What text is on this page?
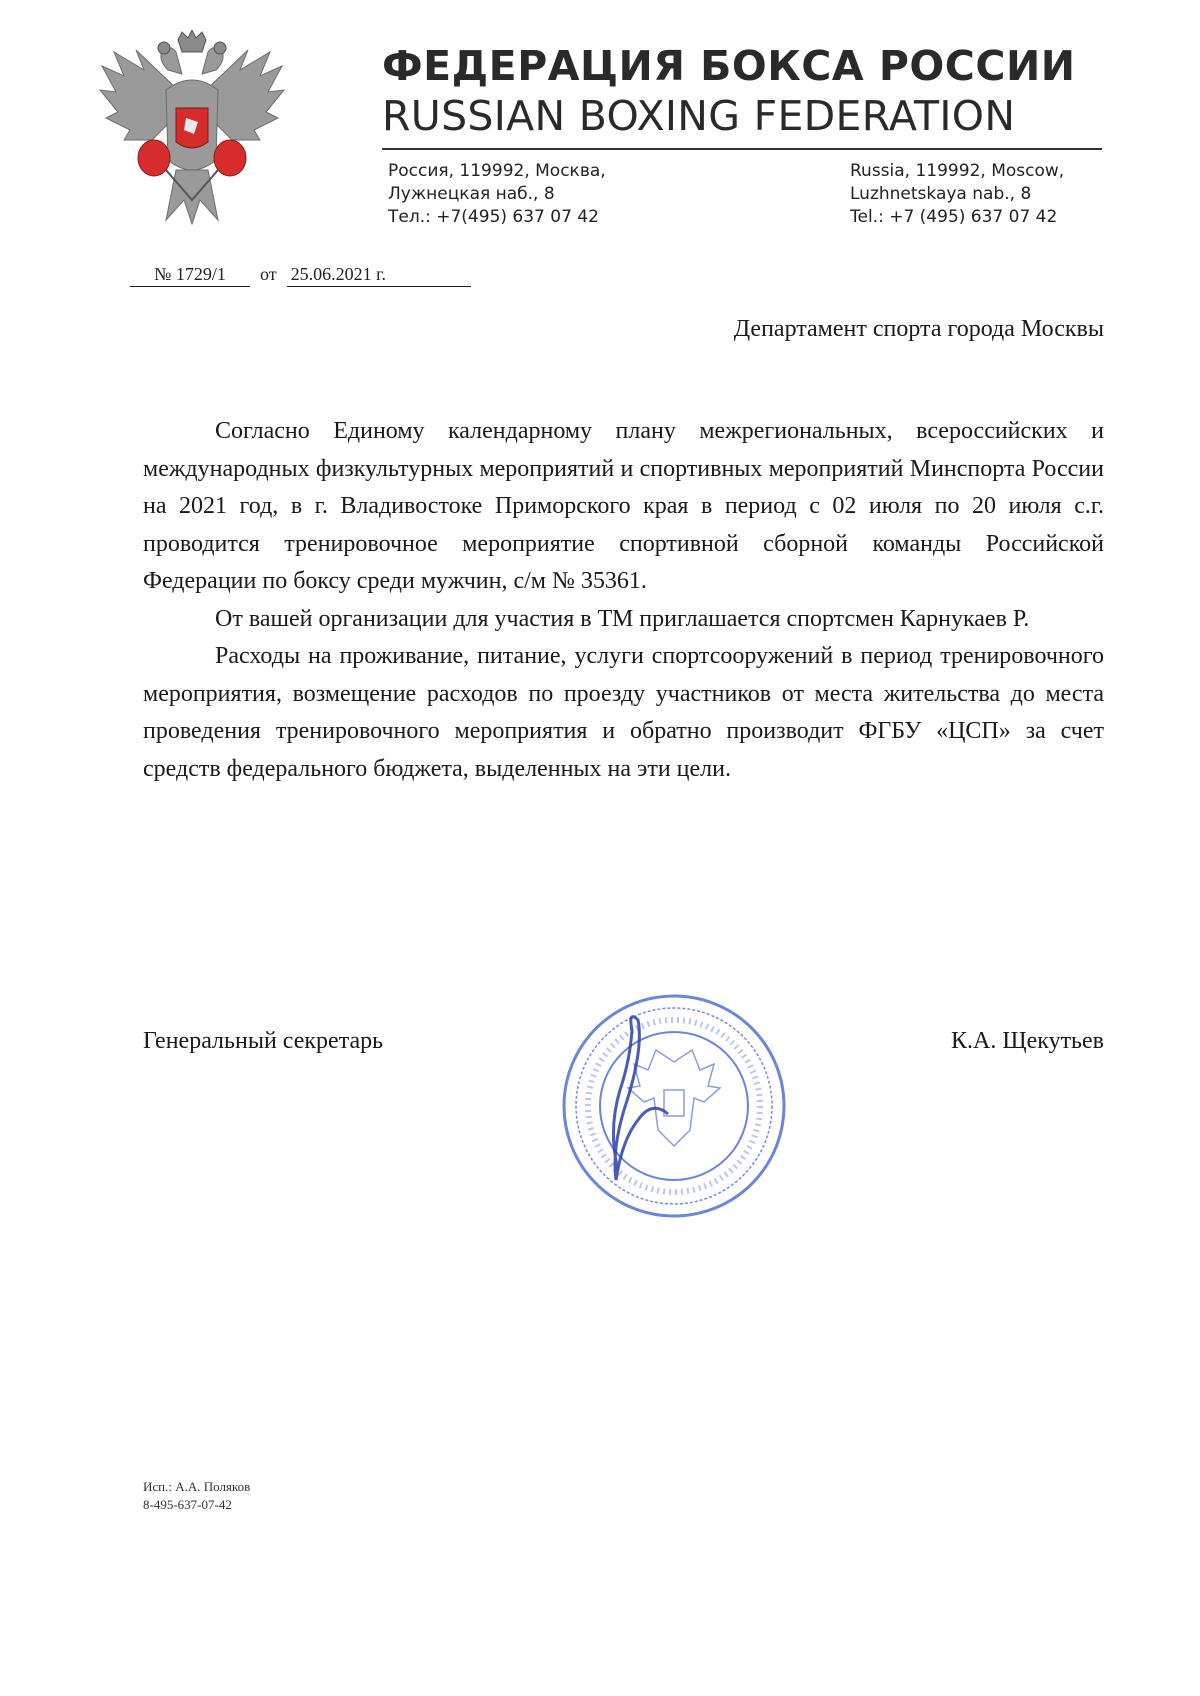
ФЕДЕРАЦИЯ БОКСА РОССИИ
RUSSIAN BOXING FEDERATION
Россия, 119992, Москва,
Лужнецкая наб., 8
Тел.: +7(495) 637 07 42
Russia, 119992, Moscow,
Luzhnetskaya nab., 8
Tel.: +7 (495) 637 07 42
№ 1729/1 от 25.06.2021 г.
Департамент спорта города Москвы

Согласно Единому календарному плану межрегиональных, всероссийских и международных физкультурных мероприятий и спортивных мероприятий Минспорта России на 2021 год, в г. Владивостоке Приморского края в период с 02 июля по 20 июля с.г. проводится тренировочное мероприятие спортивной сборной команды Российской Федерации по боксу среди мужчин, с/м № 35361.

От вашей организации для участия в ТМ приглашается спортсмен Карнукаев Р.

Расходы на проживание, питание, услуги спортсооружений в период тренировочного мероприятия, возмещение расходов по проезду участников от места жительства до места проведения тренировочного мероприятия и обратно производит ФГБУ «ЦСП» за счет средств федерального бюджета, выделенных на эти цели.

Генеральный секретарь	К.А. Щекутьев
Исп.: А.А. Поляков
8-495-637-07-42
